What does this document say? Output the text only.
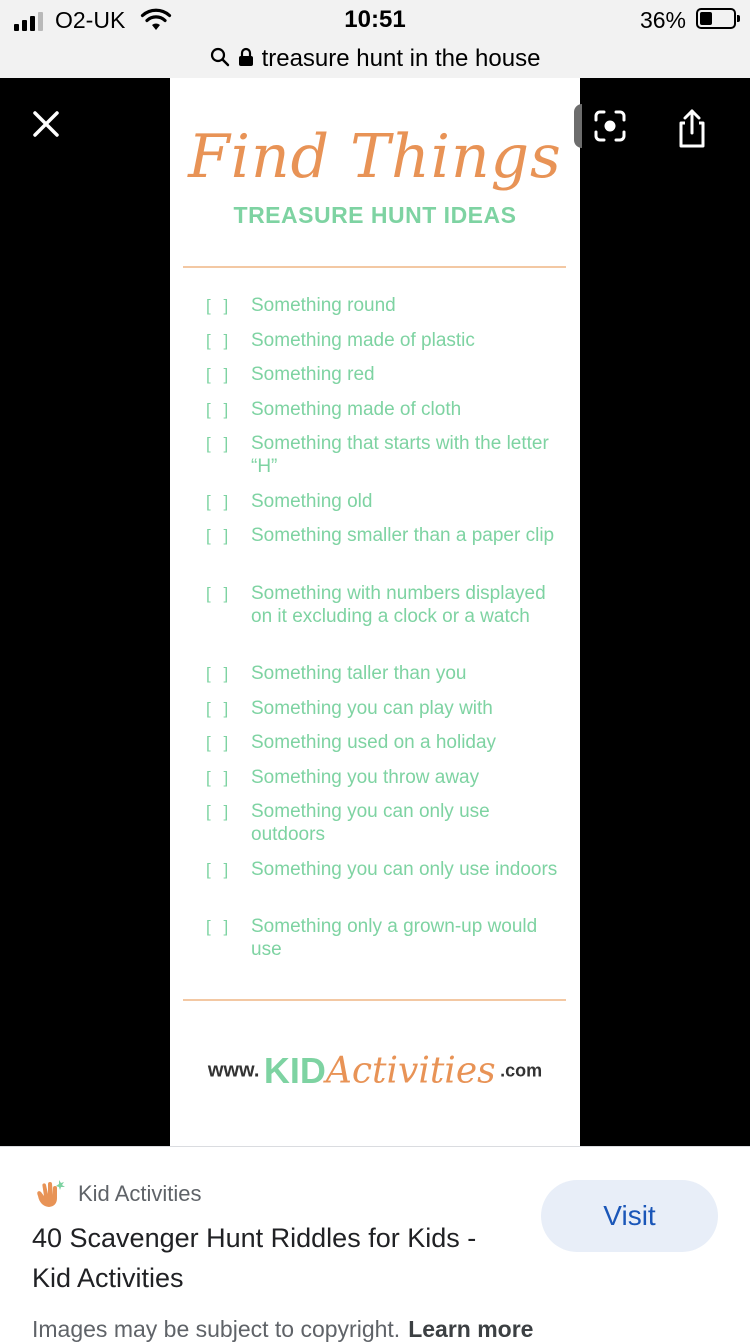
O2-UK	10:51	36%
treasure hunt in the house
Find Things
TREASURE HUNT IDEAS
[ ] Something round
[ ] Something made of plastic
[ ] Something red
[ ] Something made of cloth
[ ] Something that starts with the letter “H”
[ ] Something old
[ ] Something smaller than a paper clip
[ ] Something with numbers displayed on it excluding a clock or a watch
[ ] Something taller than you
[ ] Something you can play with
[ ] Something used on a holiday
[ ] Something you throw away
[ ] Something you can only use outdoors
[ ] Something you can only use indoors
[ ] Something only a grown-up would use
www. KIDActivities .com
Kid Activities
40 Scavenger Hunt Riddles for Kids - Kid Activities
Visit
Images may be subject to copyright. Learn more
